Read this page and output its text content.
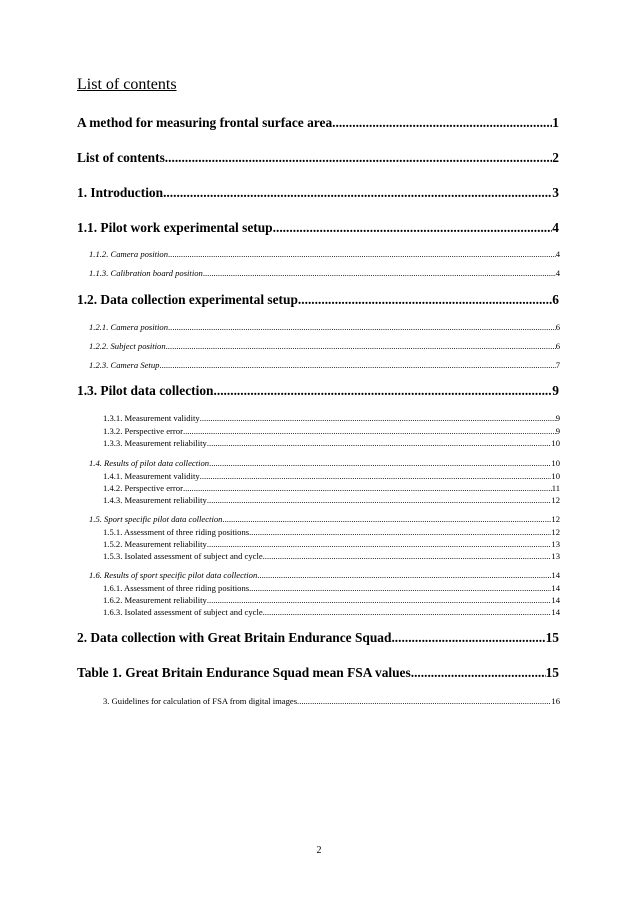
List of contents
A method for measuring frontal surface area .....	1
List of contents .....	2
1. Introduction .....	3
1.1. Pilot work experimental setup .....	4
1.1.2. Camera position .....	4
1.1.3. Calibration board position .....	4
1.2. Data collection experimental setup .....	6
1.2.1. Camera position .....	6
1.2.2. Subject position .....	6
1.2.3. Camera Setup .....	7
1.3. Pilot data collection .....	9
1.3.1. Measurement validity .....	9
1.3.2. Perspective error .....	9
1.3.3. Measurement reliability .....	10
1.4. Results of pilot data collection .....	10
1.4.1. Measurement validity .....	10
1.4.2. Perspective error .....	11
1.4.3. Measurement reliability .....	12
1.5. Sport specific pilot data collection .....	12
1.5.1. Assessment of three riding positions .....	12
1.5.2. Measurement reliability .....	13
1.5.3. Isolated assessment of subject and cycle .....	13
1.6. Results of sport specific pilot data collection .....	14
1.6.1. Assessment of three riding positions .....	14
1.6.2. Measurement reliability .....	14
1.6.3. Isolated assessment of subject and cycle .....	14
2. Data collection with Great Britain Endurance Squad .....	15
Table 1. Great Britain Endurance Squad mean FSA values .....	15
3. Guidelines for calculation of FSA from digital images .....	16
2
